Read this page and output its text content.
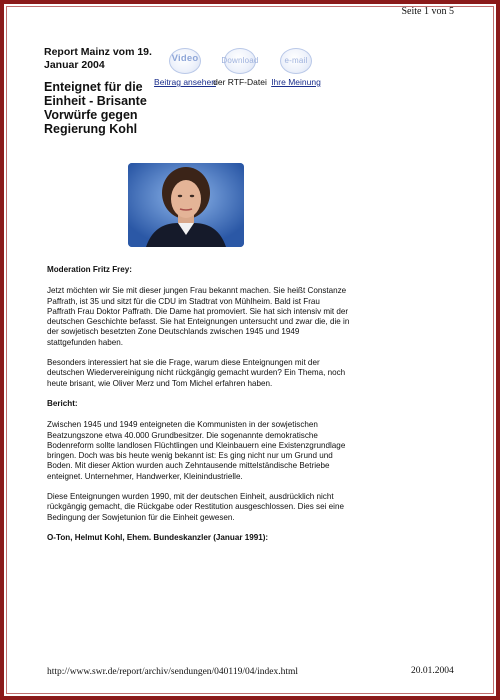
Seite 1 von 5
Report Mainz vom 19. Januar 2004
Enteignet für die Einheit - Brisante Vorwürfe gegen Regierung Kohl
Video
Beitrag ansehen
Download
der RTF-Datei
e-mail
Ihre Meinung

Moderation Fritz Frey:

Jetzt möchten wir Sie mit dieser jungen Frau bekannt machen. Sie heißt Constanze Paffrath, ist 35 und sitzt für die CDU im Stadtrat von Mühlheim. Bald ist Frau Paffrath Frau Doktor Paffrath. Die Dame hat promoviert. Sie hat sich intensiv mit der deutschen Geschichte befasst. Sie hat Enteignungen untersucht und zwar die, die in der sowjetisch besetzten Zone Deutschlands zwischen 1945 und 1949 stattgefunden haben.

Besonders interessiert hat sie die Frage, warum diese Enteignungen mit der deutschen Wiedervereinigung nicht rückgängig gemacht wurden? Ein Thema, noch heute brisant, wie Oliver Merz und Tom Michel erfahren haben.

Bericht:

Zwischen 1945 und 1949 enteigneten die Kommunisten in der sowjetischen Beatzungszone etwa 40.000 Grundbesitzer. Die sogenannte demokratische Bodenreform sollte landlosen Flüchtlingen und Kleinbauern eine Existenzgrundlage bringen. Doch was bis heute wenig bekannt ist: Es ging nicht nur um Grund und Boden. Mit dieser Aktion wurden auch Zehntausende mittelständische Betriebe enteignet. Unternehmer, Handwerker, Kleinindustrielle.

Diese Enteignungen wurden 1990, mit der deutschen Einheit, ausdrücklich nicht rückgängig gemacht, die Rückgabe oder Restitution ausgeschlossen. Dies sei eine Bedingung der Sowjetunion für die Einheit gewesen.

O-Ton, Helmut Kohl, Ehem. Bundeskanzler (Januar 1991):

http://www.swr.de/report/archiv/sendungen/040119/04/index.html	20.01.2004
